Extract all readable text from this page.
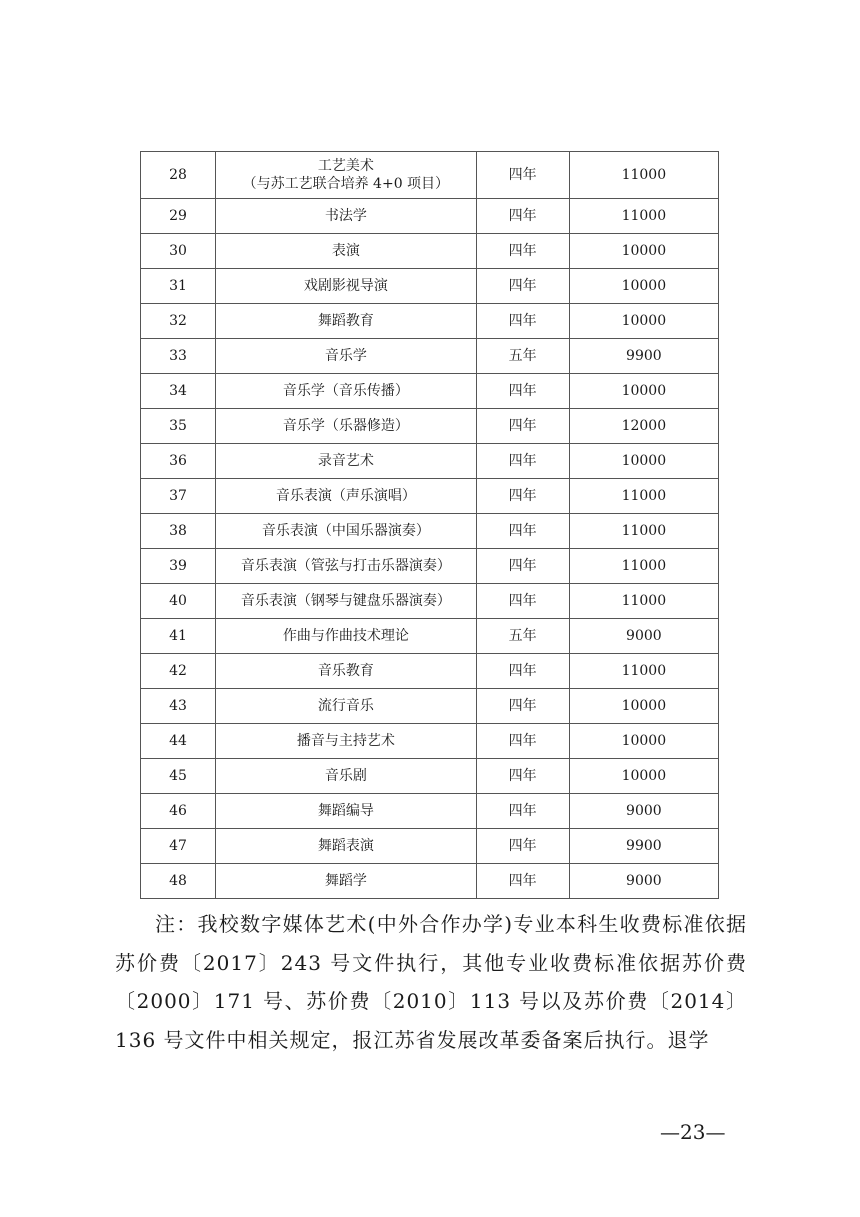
28	工艺美术
（与苏工艺联合培养 4+0 项目）	四年	11000
29	书法学	四年	11000
30	表演	四年	10000
31	戏剧影视导演	四年	10000
32	舞蹈教育	四年	10000
33	音乐学	五年	9900
34	音乐学（音乐传播）	四年	10000
35	音乐学（乐器修造）	四年	12000
36	录音艺术	四年	10000
37	音乐表演（声乐演唱）	四年	11000
38	音乐表演（中国乐器演奏）	四年	11000
39	音乐表演（管弦与打击乐器演奏）	四年	11000
40	音乐表演（钢琴与键盘乐器演奏）	四年	11000
41	作曲与作曲技术理论	五年	9000
42	音乐教育	四年	11000
43	流行音乐	四年	10000
44	播音与主持艺术	四年	10000
45	音乐剧	四年	10000
46	舞蹈编导	四年	9000
47	舞蹈表演	四年	9900
48	舞蹈学	四年	9000

注：我校数字媒体艺术(中外合作办学)专业本科生收费标准依据苏价费〔2017〕243 号文件执行，其他专业收费标准依据苏价费〔2000〕171 号、苏价费〔2010〕113 号以及苏价费〔2014〕136 号文件中相关规定，报江苏省发展改革委备案后执行。退学

—23—
